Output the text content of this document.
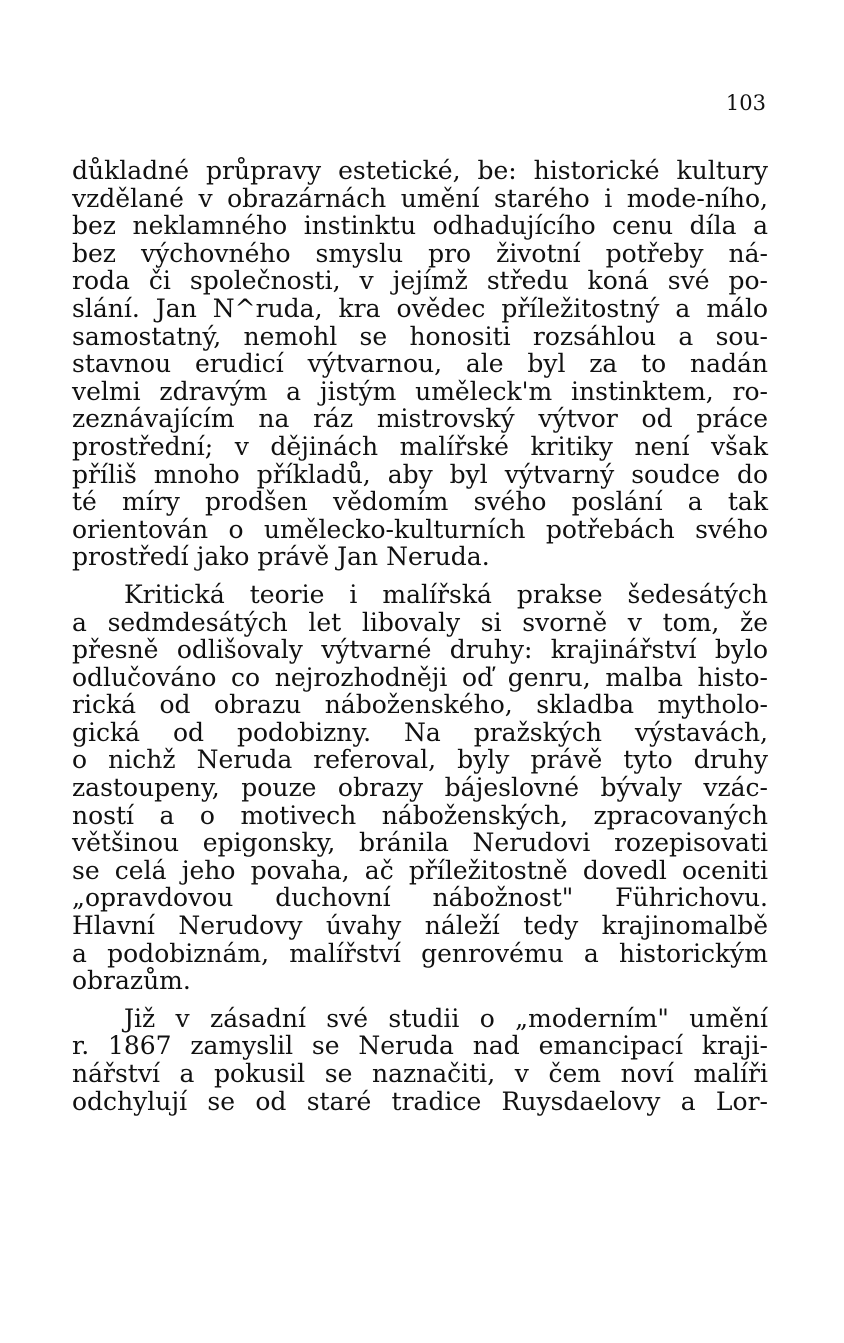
103
důkladné průpravy estetické, be: historické kultury
vzdělané v obrazárnách umění starého i mode-ního,
bez neklamného instinktu odhadujícího cenu díla a
bez výchovného smyslu pro životní potřeby ná-
roda či společnosti, v jejímž středu koná své po-
slání. Jan N^ruda, kra ovědec příležitostný a málo
samostatný, nemohl se honositi rozsáhlou a sou-
stavnou erudicí výtvarnou, ale byl za to nadán
velmi zdravým a jistým uměleck'm instinktem, ro-
zeznávajícím na ráz mistrovský výtvor od práce
prostřední; v dějinách malířské kritiky není však
příliš mnoho příkladů, aby byl výtvarný soudce do
té míry prodšen vědomím svého poslání a tak
orientován o umělecko-kulturních potřebách svého
prostředí jako právě Jan Neruda.
Kritická teorie i malířská prakse šedesátých
a sedmdesátých let libovaly si svorně v tom, že
přesně odlišovaly výtvarné druhy: krajinářství bylo
odlučováno co nejrozhodněji oď genru, malba histo-
rická od obrazu náboženského, skladba mytholo-
gická od podobizny. Na pražských výstavách,
o nichž Neruda referoval, byly právě tyto druhy
zastoupeny, pouze obrazy bájeslovné bývaly vzác-
ností a o motivech náboženských, zpracovaných
většinou epigonsky, bránila Nerudovi rozepisovati
se celá jeho povaha, ač příležitostně dovedl oceniti
„opravdovou duchovní nábožnost" Führichovu.
Hlavní Nerudovy úvahy náleží tedy krajinomalbě
a podobiznám, malířství genrovému a historickým
obrazům.
Již v zásadní své studii o „moderním" umění
r. 1867 zamyslil se Neruda nad emancipací kraji-
nářství a pokusil se naznačiti, v čem noví malíři
odchylují se od staré tradice Ruysdaelovy a Lor-
